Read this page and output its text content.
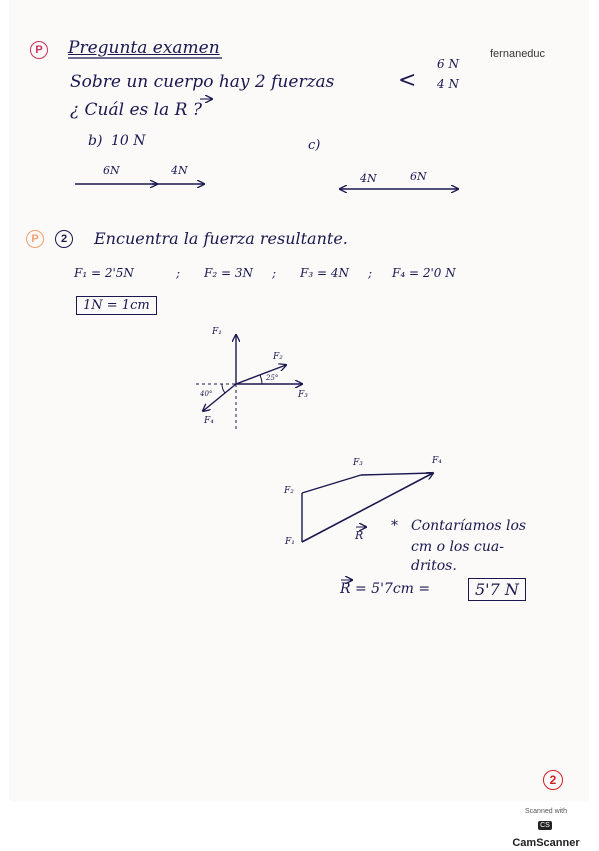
P	Pregunta examen	fernaneduc
Sobre un cuerpo hay 2 fuerzas	<
6 N
4 N
¿ Cuál es la R ?
b) 10 N
6N	4N
c)
4N	6N
P	2	Encuentra la fuerza resultante.
F₁ = 2'5N	; F₂ = 3N ; F₃ = 4N ; F₄ = 2'0 N
1N = 1cm
F₁
F₂
F₃
F₄
25°
40°
F₃	F₄
F₂
F₁	R
* Contaríamos los
cm o los cua-
dritos.
R = 5'7cm =	5'7 N
2
Scanned with
CSCamScanner
